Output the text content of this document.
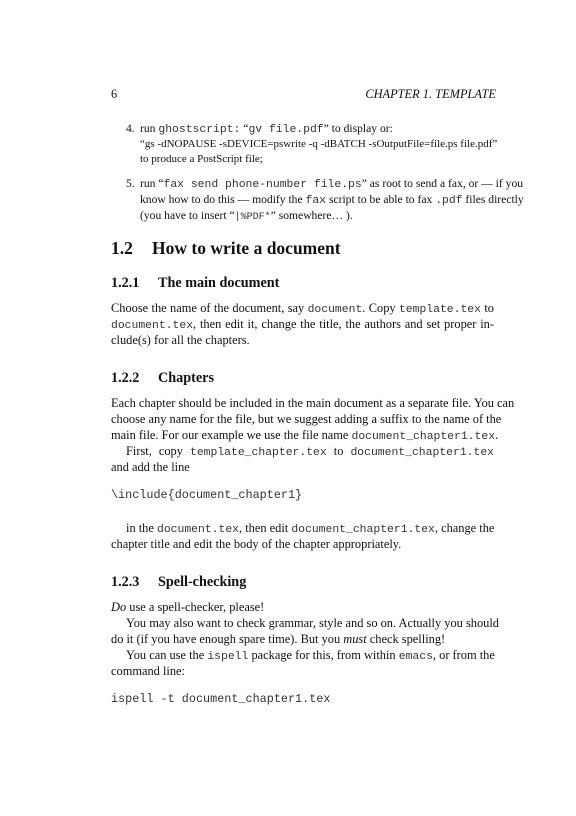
6	CHAPTER 1. TEMPLATE
4. run ghostscript: “gv file.pdf” to display or:
“gs -dNOPAUSE -sDEVICE=pswrite -q -dBATCH -sOutputFile=file.ps file.pdf”
to produce a PostScript file;
5. run “fax send phone-number file.ps” as root to send a fax, or — if you
know how to do this — modify the fax script to be able to fax .pdf files directly
(you have to insert “|%PDF*” somewhere… ).
1.2 How to write a document
1.2.1 The main document
Choose the name of the document, say document. Copy template.tex to
document.tex, then edit it, change the title, the authors and set proper in-
clude(s) for all the chapters.
1.2.2 Chapters
Each chapter should be included in the main document as a separate file. You can
choose any name for the file, but we suggest adding a suffix to the name of the
main file. For our example we use the file name document_chapter1.tex.
First, copy template_chapter.tex to document_chapter1.tex
and add the line
\include{document_chapter1}
in the document.tex, then edit document_chapter1.tex, change the
chapter title and edit the body of the chapter appropriately.
1.2.3 Spell-checking
Do use a spell-checker, please!
You may also want to check grammar, style and so on. Actually you should
do it (if you have enough spare time). But you must check spelling!
You can use the ispell package for this, from within emacs, or from the
command line:
ispell -t document_chapter1.tex
